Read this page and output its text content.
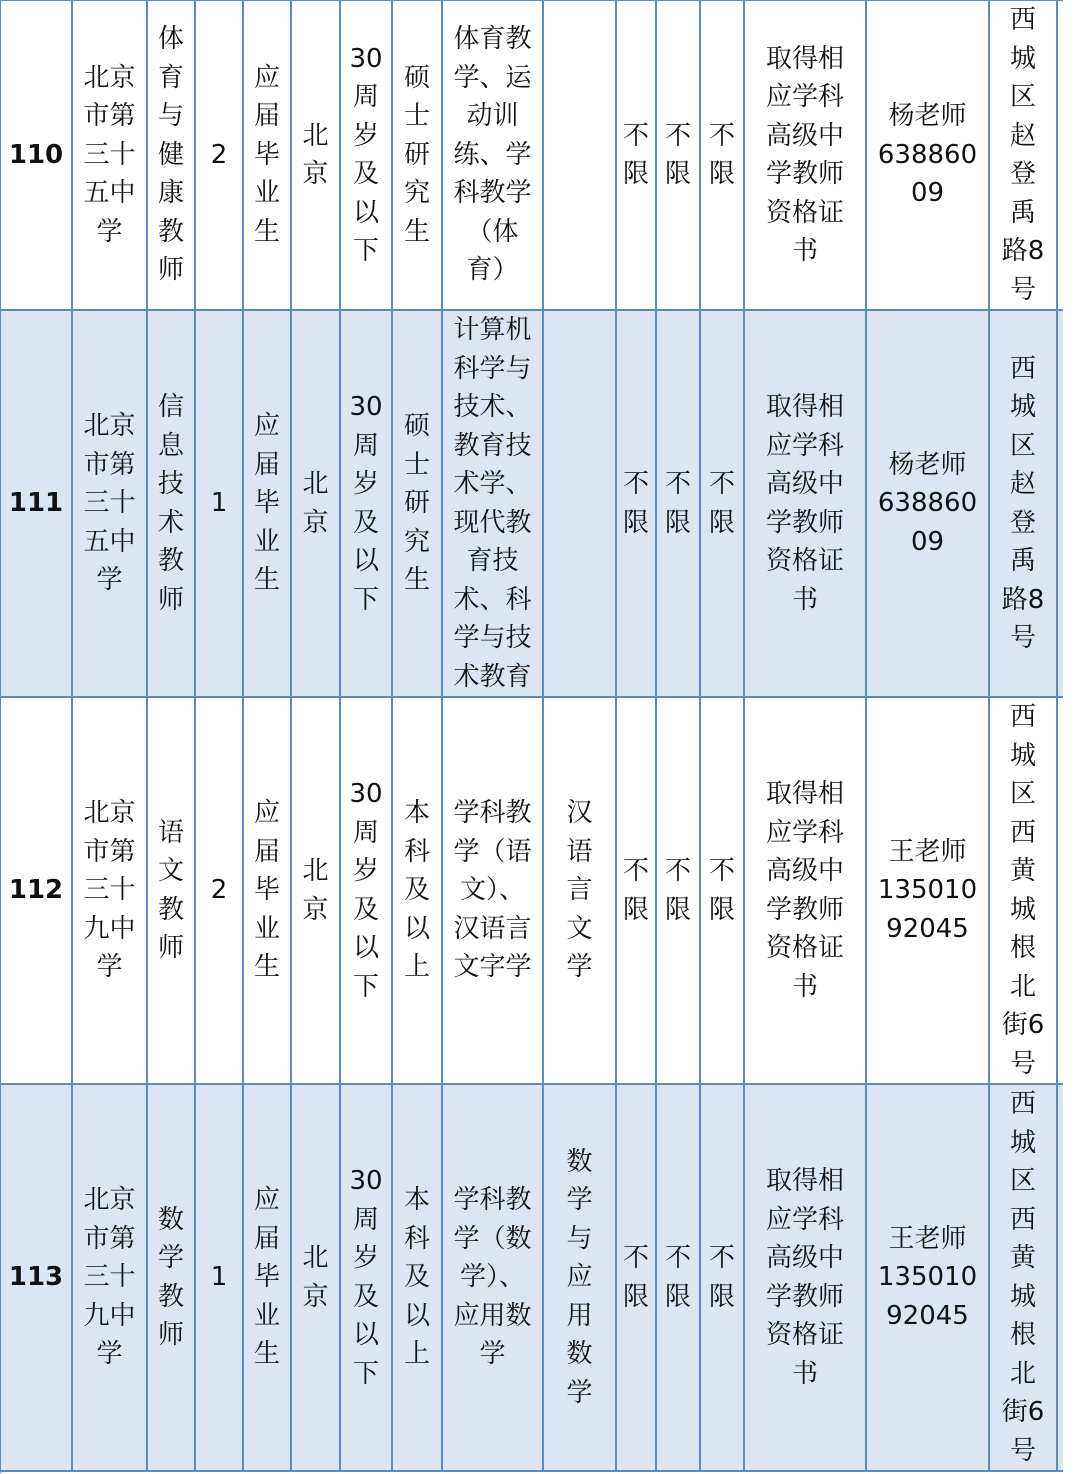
110
北京
市第
三十
五中
学
体
育
与
健
康
教
师
2
应
届
毕
业
生
北
京
30
周
岁
及
以
下
硕
士
研
究
生
体育教
学、运
动训
练、学
科教学
（体
育）
不
限
不
限
不
限
取得相
应学科
高级中
学教师
资格证
书
杨老师
638860
09
西
城
区
赵
登
禹
路8
号
111
北京
市第
三十
五中
学
信
息
技
术
教
师
1
应
届
毕
业
生
北
京
30
周
岁
及
以
下
硕
士
研
究
生
计算机
科学与
技术、
教育技
术学、
现代教
育技
术、科
学与技
术教育
不
限
不
限
不
限
取得相
应学科
高级中
学教师
资格证
书
杨老师
638860
09
西
城
区
赵
登
禹
路8
号
112
北京
市第
三十
九中
学
语
文
教
师
2
应
届
毕
业
生
北
京
30
周
岁
及
以
下
本
科
及
以
上
学科教
学（语
文）、
汉语言
文字学
汉
语
言
文
学
不
限
不
限
不
限
取得相
应学科
高级中
学教师
资格证
书
王老师
135010
92045
西
城
区
西
黄
城
根
北
街6
号
113
北京
市第
三十
九中
学
数
学
教
师
1
应
届
毕
业
生
北
京
30
周
岁
及
以
下
本
科
及
以
上
学科教
学（数
学）、
应用数
学
数
学
与
应
用
数
学
不
限
不
限
不
限
取得相
应学科
高级中
学教师
资格证
书
王老师
135010
92045
西
城
区
西
黄
城
根
北
街6
号
